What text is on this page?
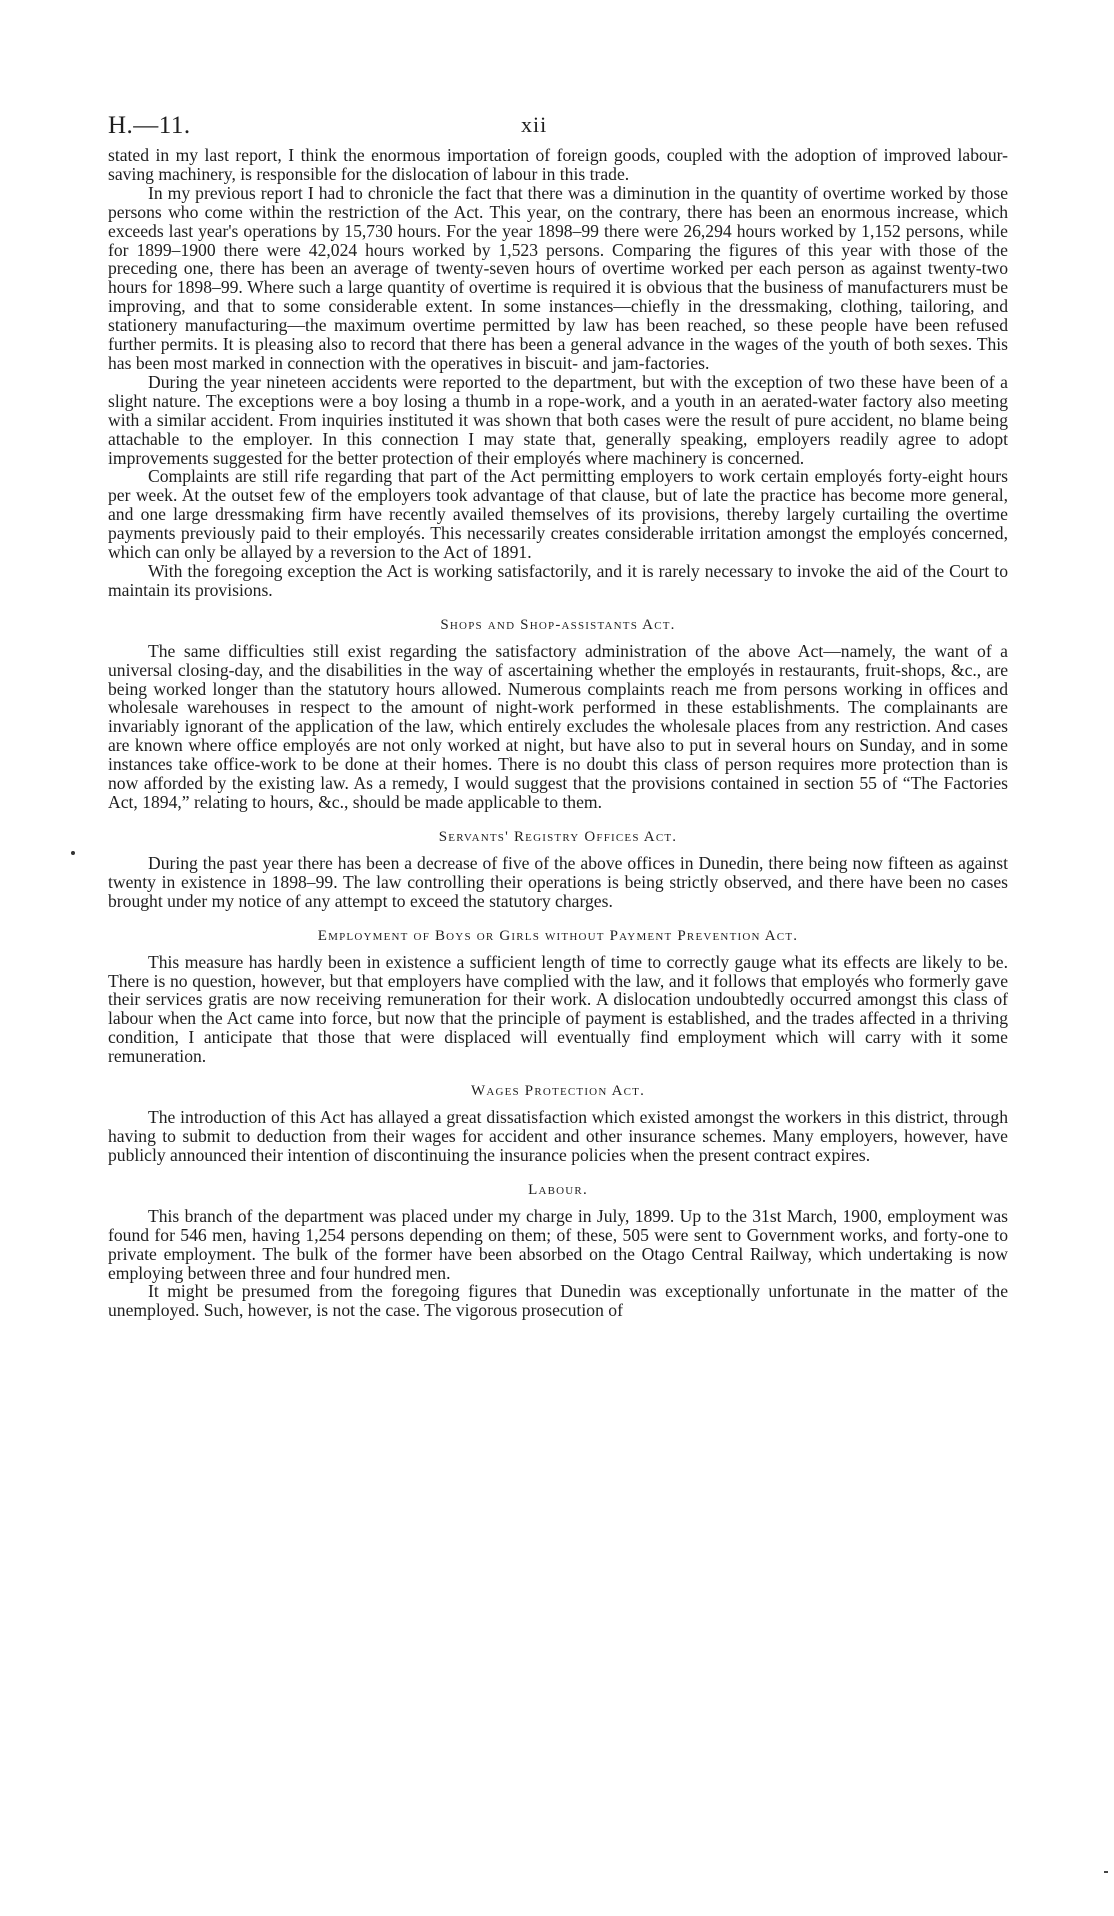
H.—11.	xii

stated in my last report, I think the enormous importation of foreign goods, coupled with the adoption of improved labour-saving machinery, is responsible for the dislocation of labour in this trade.

In my previous report I had to chronicle the fact that there was a diminution in the quantity of overtime worked by those persons who come within the restriction of the Act. This year, on the contrary, there has been an enormous increase, which exceeds last year's operations by 15,730 hours. For the year 1898–99 there were 26,294 hours worked by 1,152 persons, while for 1899–1900 there were 42,024 hours worked by 1,523 persons. Comparing the figures of this year with those of the preceding one, there has been an average of twenty-seven hours of overtime worked per each person as against twenty-two hours for 1898–99. Where such a large quantity of overtime is required it is obvious that the business of manufacturers must be improving, and that to some considerable extent. In some instances—chiefly in the dressmaking, clothing, tailoring, and stationery manufacturing—the maximum overtime permitted by law has been reached, so these people have been refused further permits. It is pleasing also to record that there has been a general advance in the wages of the youth of both sexes. This has been most marked in connection with the operatives in biscuit- and jam-factories.

During the year nineteen accidents were reported to the department, but with the exception of two these have been of a slight nature. The exceptions were a boy losing a thumb in a rope-work, and a youth in an aerated-water factory also meeting with a similar accident. From inquiries instituted it was shown that both cases were the result of pure accident, no blame being attachable to the employer. In this connection I may state that, generally speaking, employers readily agree to adopt improvements suggested for the better protection of their employés where machinery is concerned.

Complaints are still rife regarding that part of the Act permitting employers to work certain employés forty-eight hours per week. At the outset few of the employers took advantage of that clause, but of late the practice has become more general, and one large dressmaking firm have recently availed themselves of its provisions, thereby largely curtailing the overtime payments previously paid to their employés. This necessarily creates considerable irritation amongst the employés concerned, which can only be allayed by a reversion to the Act of 1891.

With the foregoing exception the Act is working satisfactorily, and it is rarely necessary to invoke the aid of the Court to maintain its provisions.

Shops and Shop-assistants Act.

The same difficulties still exist regarding the satisfactory administration of the above Act—namely, the want of a universal closing-day, and the disabilities in the way of ascertaining whether the employés in restaurants, fruit-shops, &c., are being worked longer than the statutory hours allowed. Numerous complaints reach me from persons working in offices and wholesale warehouses in respect to the amount of night-work performed in these establishments. The complainants are invariably ignorant of the application of the law, which entirely excludes the wholesale places from any restriction. And cases are known where office employés are not only worked at night, but have also to put in several hours on Sunday, and in some instances take office-work to be done at their homes. There is no doubt this class of person requires more protection than is now afforded by the existing law. As a remedy, I would suggest that the provisions contained in section 55 of “The Factories Act, 1894,” relating to hours, &c., should be made applicable to them.

Servants' Registry Offices Act.

During the past year there has been a decrease of five of the above offices in Dunedin, there being now fifteen as against twenty in existence in 1898–99. The law controlling their operations is being strictly observed, and there have been no cases brought under my notice of any attempt to exceed the statutory charges.

Employment of Boys or Girls without Payment Prevention Act.

This measure has hardly been in existence a sufficient length of time to correctly gauge what its effects are likely to be. There is no question, however, but that employers have complied with the law, and it follows that employés who formerly gave their services gratis are now receiving remuneration for their work. A dislocation undoubtedly occurred amongst this class of labour when the Act came into force, but now that the principle of payment is established, and the trades affected in a thriving condition, I anticipate that those that were displaced will eventually find employment which will carry with it some remuneration.

Wages Protection Act.

The introduction of this Act has allayed a great dissatisfaction which existed amongst the workers in this district, through having to submit to deduction from their wages for accident and other insurance schemes. Many employers, however, have publicly announced their intention of discontinuing the insurance policies when the present contract expires.

Labour.

This branch of the department was placed under my charge in July, 1899. Up to the 31st March, 1900, employment was found for 546 men, having 1,254 persons depending on them; of these, 505 were sent to Government works, and forty-one to private employment. The bulk of the former have been absorbed on the Otago Central Railway, which undertaking is now employing between three and four hundred men.

It might be presumed from the foregoing figures that Dunedin was exceptionally unfortunate in the matter of the unemployed. Such, however, is not the case. The vigorous prosecution of
